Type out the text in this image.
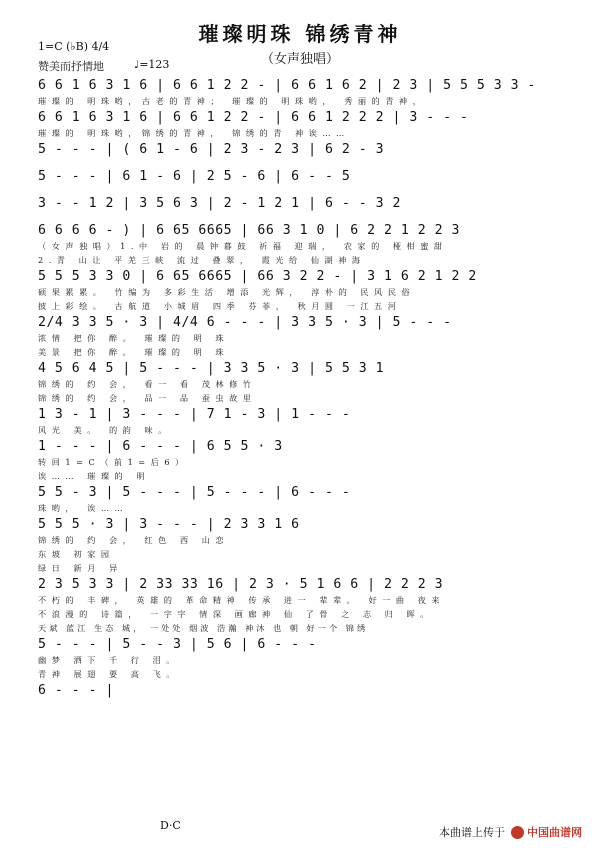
璀璨明珠 锦绣青神
（女声独唱）
1=C (♭B) 4/4
赞美而抒情地	♩=123
6 6 1 6 3 1 6 | 6 6 1 2 2 - | 6 6 1 6 2 | 2 3 | 5 5 5 3 3 -
璀璨的 明珠哟，古老的青神； 璀璨的 明珠哟， 秀丽的青神，
6 6 1 6 3 1 6 | 6 6 1 2 2 - | 6 6 1 2 2 2 | 3 - - -
璀璨的 明珠哟，锦绣的青神， 锦绣的青 神诶……
5 - - - | ( 6 1 - 6 | 2 3 - 2 3 | 6 2 - 3
5 - - - | 6 1 - 6 | 2 5 - 6 | 6 - - 5
3 - - 1 2 | 3 5 6 3 | 2 - 1 2 1 | 6 - - 3 2
6 6 6 6 - ) | 6 65 6665 | 66 3 1 0 | 6 2 2 1 2 2 3
（女声独唱）1.中 岩的 晨钟暮鼓 祈福 迎瑞， 农家的 桠柑蜜甜
2.青 山让 平羌三峡 流过 叠翠， 霞光给 仙湖神海
5 5 5 3 3 0 | 6 65 6665 | 66 3 2 2 - | 3 1 6 2 1 2 2
硕果累累。 竹编为 多彩生活 增添 光辉， 淳朴的 民风民俗
披上彩绘。 古航道 小城眉 四季 芬菲， 秋月圆 一江五河
2/4 3 3 5 · 3 | 4/4 6 - - - | 3 3 5 · 3 | 5 - - -
浓情 把你 醉。 璀璨的 明 珠
美景 把你 醉。 璀璨的 明 珠
4 5 6 4 5 | 5 - - - | 3 3 5 · 3 | 5 5 3 1
锦绣的 约 会， 看一 看 茂林修竹
锦绣的 约 会， 品一 品 蚕虫故里
1 3 - 1 | 3 - - - | 7 1 - 3 | 1 - - -
风光 美。 的韵 味。
1 - - - | 6 - - - | 6 5 5 · 3
转回1=C（前1=后6）
诶…… 璀璨的 明
5 5 - 3 | 5 - - - | 5 - - - | 6 - - -
珠哟， 诶……
5 5 5 · 3 | 3 - - - | 2 3 3 1 6
锦绣的 约 会， 红色 西 山恋
东坡 初家园
绿日 新月 异
2 3 5 3 3 | 2 33 33 16 | 2 3 · 5 1 6 6 | 2 2 2 3
不朽的 丰碑， 英雄的 革命精神 传承 进一 辈辈。 好一曲 夜来
不浪漫的 诗篇， 一字字 情深 画廊神 仙 了骨 之 志 归 晖。
天斌 蓝江 生态 城， 一处处 烟波 浩瀚 神沐 也 朝 好一个 锦绣
5 - - - | 5 - - 3 | 5 6 | 6 - - -
幽梦 洒下 千 行 泪。
青神 展翅 要 高 飞。
6 - - - |
D·C
本曲谱上传于 中国曲谱网
